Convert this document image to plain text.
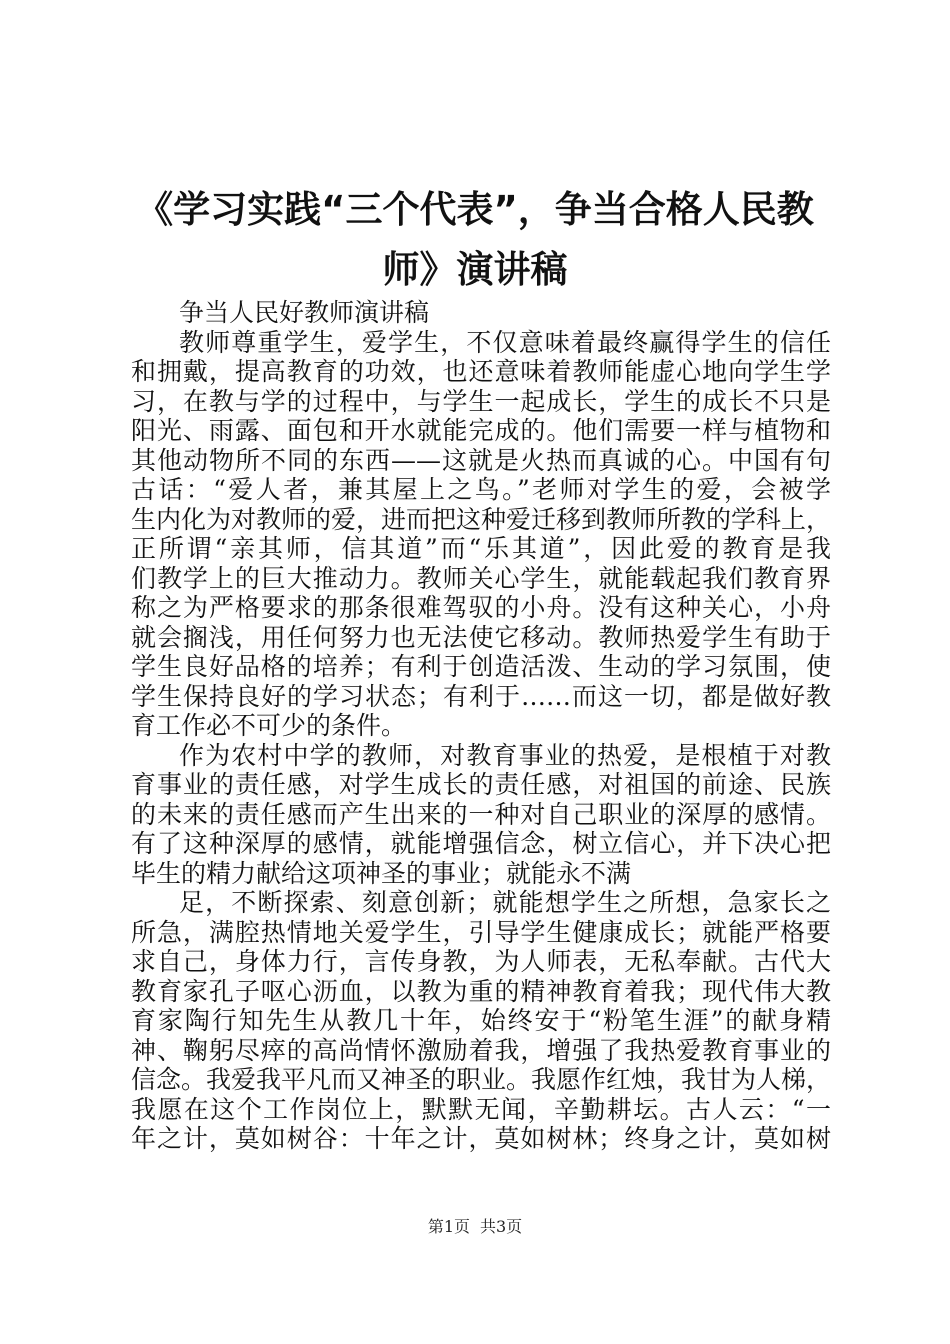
《学习实践“三个代表”，争当合格人民教
师》演讲稿
争当人民好教师演讲稿
教师尊重学生，爱学生，不仅意味着最终赢得学生的信任
和拥戴，提高教育的功效，也还意味着教师能虚心地向学生学
习，在教与学的过程中，与学生一起成长，学生的成长不只是
阳光、雨露、面包和开水就能完成的。他们需要一样与植物和
其他动物所不同的东西——这就是火热而真诚的心。中国有句
古话：“爱人者，兼其屋上之鸟。”老师对学生的爱，会被学
生内化为对教师的爱，进而把这种爱迁移到教师所教的学科上，
正所谓“亲其师，信其道”而“乐其道”，因此爱的教育是我
们教学上的巨大推动力。教师关心学生，就能载起我们教育界
称之为严格要求的那条很难驾驭的小舟。没有这种关心，小舟
就会搁浅，用任何努力也无法使它移动。教师热爱学生有助于
学生良好品格的培养；有利于创造活泼、生动的学习氛围，使
学生保持良好的学习状态；有利于……而这一切，都是做好教
育工作必不可少的条件。
作为农村中学的教师，对教育事业的热爱，是根植于对教
育事业的责任感，对学生成长的责任感，对祖国的前途、民族
的未来的责任感而产生出来的一种对自己职业的深厚的感情。
有了这种深厚的感情，就能增强信念，树立信心，并下决心把
毕生的精力献给这项神圣的事业；就能永不满
足，不断探索、刻意创新；就能想学生之所想，急家长之
所急，满腔热情地关爱学生，引导学生健康成长；就能严格要
求自己，身体力行，言传身教，为人师表，无私奉献。古代大
教育家孔子呕心沥血，以教为重的精神教育着我；现代伟大教
育家陶行知先生从教几十年，始终安于“粉笔生涯”的献身精
神、鞠躬尽瘁的高尚情怀激励着我，增强了我热爱教育事业的
信念。我爱我平凡而又神圣的职业。我愿作红烛，我甘为人梯，
我愿在这个工作岗位上，默默无闻，辛勤耕坛。古人云：“一
年之计，莫如树谷：十年之计，莫如树林；终身之计，莫如树
第1页 共3页
